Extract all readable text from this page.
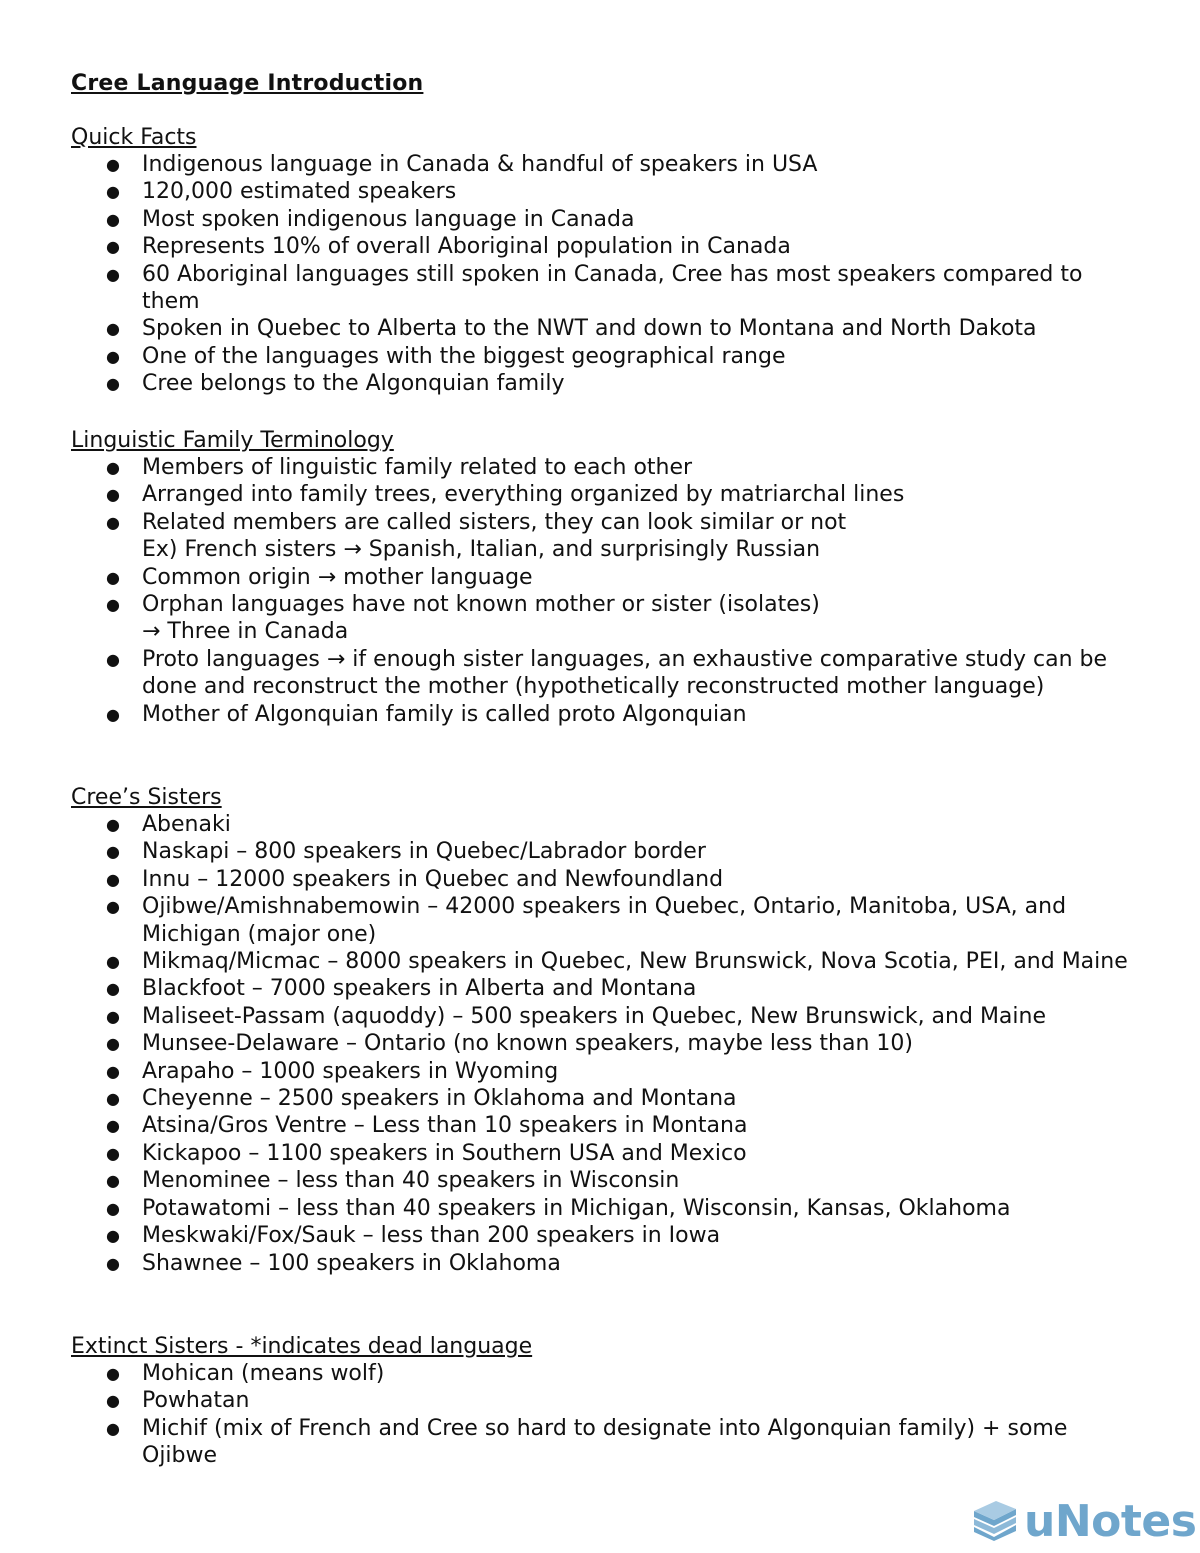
Cree Language Introduction
Quick Facts
● Indigenous language in Canada & handful of speakers in USA
● 120,000 estimated speakers
● Most spoken indigenous language in Canada
● Represents 10% of overall Aboriginal population in Canada
● 60 Aboriginal languages still spoken in Canada, Cree has most speakers compared to them
● Spoken in Quebec to Alberta to the NWT and down to Montana and North Dakota
● One of the languages with the biggest geographical range
● Cree belongs to the Algonquian family
Linguistic Family Terminology
● Members of linguistic family related to each other
● Arranged into family trees, everything organized by matriarchal lines
● Related members are called sisters, they can look similar or not
Ex) French sisters → Spanish, Italian, and surprisingly Russian
● Common origin → mother language
● Orphan languages have not known mother or sister (isolates)
→ Three in Canada
● Proto languages → if enough sister languages, an exhaustive comparative study can be done and reconstruct the mother (hypothetically reconstructed mother language)
● Mother of Algonquian family is called proto Algonquian
Cree’s Sisters
● Abenaki
● Naskapi – 800 speakers in Quebec/Labrador border
● Innu – 12000 speakers in Quebec and Newfoundland
● Ojibwe/Amishnabemowin – 42000 speakers in Quebec, Ontario, Manitoba, USA, and Michigan (major one)
● Mikmaq/Micmac – 8000 speakers in Quebec, New Brunswick, Nova Scotia, PEI, and Maine
● Blackfoot – 7000 speakers in Alberta and Montana
● Maliseet-Passam (aquoddy) – 500 speakers in Quebec, New Brunswick, and Maine
● Munsee-Delaware – Ontario (no known speakers, maybe less than 10)
● Arapaho – 1000 speakers in Wyoming
● Cheyenne – 2500 speakers in Oklahoma and Montana
● Atsina/Gros Ventre – Less than 10 speakers in Montana
● Kickapoo – 1100 speakers in Southern USA and Mexico
● Menominee – less than 40 speakers in Wisconsin
● Potawatomi – less than 40 speakers in Michigan, Wisconsin, Kansas, Oklahoma
● Meskwaki/Fox/Sauk – less than 200 speakers in Iowa
● Shawnee – 100 speakers in Oklahoma
Extinct Sisters - *indicates dead language
● Mohican (means wolf)
● Powhatan
● Michif (mix of French and Cree so hard to designate into Algonquian family) + some Ojibwe
uNotes
